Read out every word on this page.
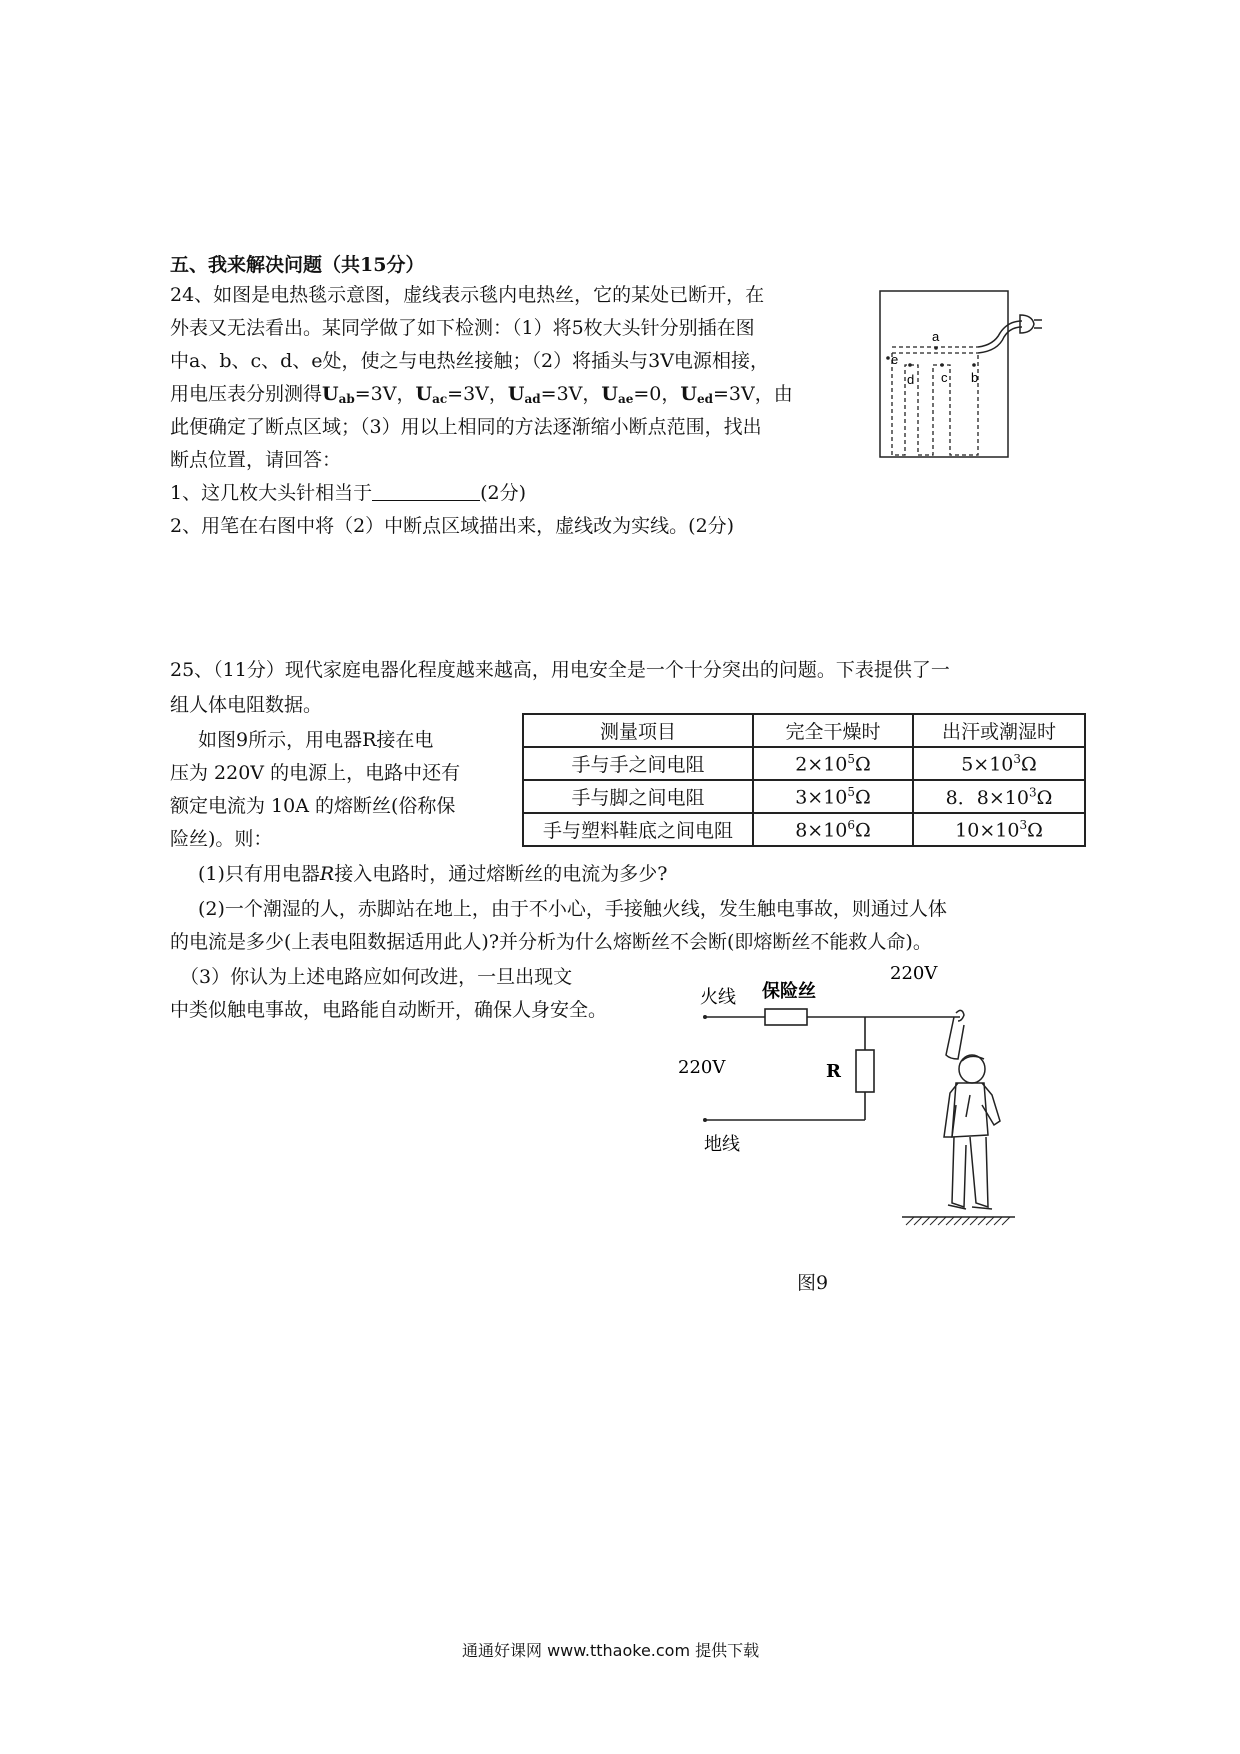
五、我来解决问题（共15分）
24、如图是电热毯示意图，虚线表示毯内电热丝，它的某处已断开，在
外表又无法看出。某同学做了如下检测：（1）将5枚大头针分别插在图
中a、b、c、d、e处，使之与电热丝接触；（2）将插头与3V电源相接，
用电压表分别测得$U_{ab}=3V$，$U_{ac}=3V$，$U_{ad}=3V$，$U_{ae}=0$，$U_{ed}=3V$，由
此便确定了断点区域；（3）用以上相同的方法逐渐缩小断点范围，找出
断点位置，请回答：
1、这几枚大头针相当于	(2分)
2、用笔在右图中将（2）中断点区域描出来，虚线改为实线。(2分)
a
b
c
d
e
25、（11分）现代家庭电器化程度越来越高，用电安全是一个十分突出的问题。下表提供了一
组人体电阻数据。
如图9所示，用电器R接在电
压为 220V 的电源上，电路中还有
额定电流为 10A 的熔断丝(俗称保
险丝)。则：
测量项目	完全干燥时	出汗或潮湿时
手与手之间电阻	$2\times 10^5\Omega$	$5\times 10^3\Omega$
手与脚之间电阻	$3\times 10^5\Omega$	8．$8\times 10^3\Omega$
手与塑料鞋底之间电阻	$8\times 10^6\Omega$	$10\times 10^3\Omega$
(1)只有用电器R接入电路时，通过熔断丝的电流为多少?
(2)一个潮湿的人，赤脚站在地上，由于不小心，手接触火线，发生触电事故，则通过人体
的电流是多少(上表电阻数据适用此人)?并分析为什么熔断丝不会断(即熔断丝不能救人命)。
（3）你认为上述电路应如何改进，一旦出现文
中类似触电事故，电路能自动断开，确保人身安全。
火线 保险丝
220V
220V	R
地线
图9
通通好课网 www.tthaoke.com 提供下载
